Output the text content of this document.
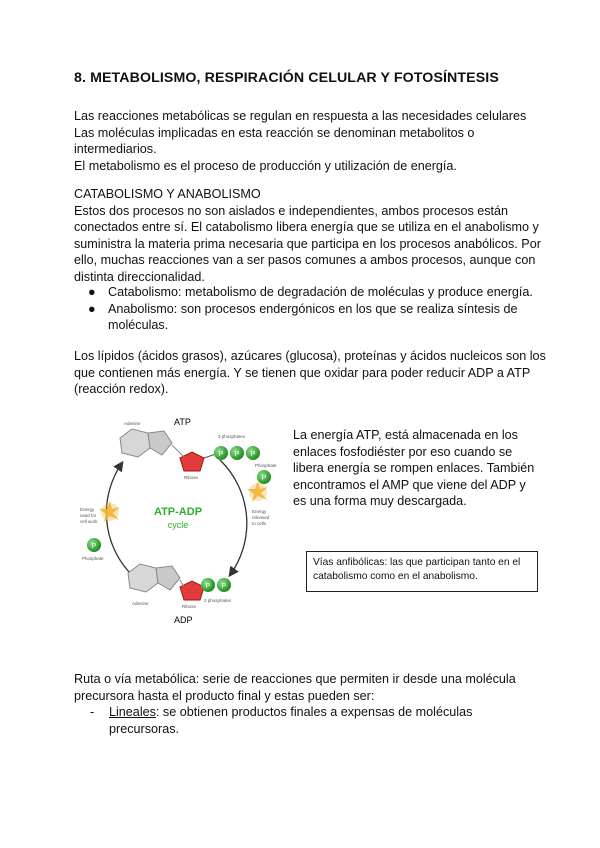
8. METABOLISMO, RESPIRACIÓN CELULAR Y FOTOSÍNTESIS
Las reacciones metabólicas se regulan en respuesta a las necesidades celulares
Las moléculas implicadas en esta reacción se denominan metabolitos o
intermediarios.
El metabolismo es el proceso de producción y utilización de energía.
CATABOLISMO Y ANABOLISMO
Estos dos procesos no son aislados e independientes, ambos procesos están
conectados entre sí. El catabolismo libera energía que se utiliza en el anabolismo y
suministra la materia prima necesaria que participa en los procesos anabólicos. Por
ello, muchas reacciones van a ser pasos comunes a ambos procesos, aunque con
distinta direccionalidad.
● Catabolismo: metabolismo de degradación de moléculas y produce energía.
● Anabolismo: son procesos endergónicos en los que se realiza síntesis de
moléculas.
Los lípidos (ácidos grasos), azúcares (glucosa), proteínas y ácidos nucleicos son los
que contienen más energía. Y se tienen que oxidar para poder reducir ADP a ATP
(reacción redox).
P P P
ATP
Adenine
3 phosphates
Ribose	P
Phosphate
Energy
released
to cells
Energy
used for
cell work
P
Phosphate
ATP-ADP
cycle
P P
Adenine
Ribose
2 phosphates
ADP
La energía ATP, está almacenada en los
enlaces fosfodiéster por eso cuando se
libera energía se rompen enlaces. También
encontramos el AMP que viene del ADP y
es una forma muy descargada.
Vías anfibólicas: las que participan tanto en el
catabolismo como en el anabolismo.
Ruta o vía metabólica: serie de reacciones que permiten ir desde una molécula
precursora hasta el producto final y estas pueden ser:
- Lineales: se obtienen productos finales a expensas de moléculas
precursoras.
